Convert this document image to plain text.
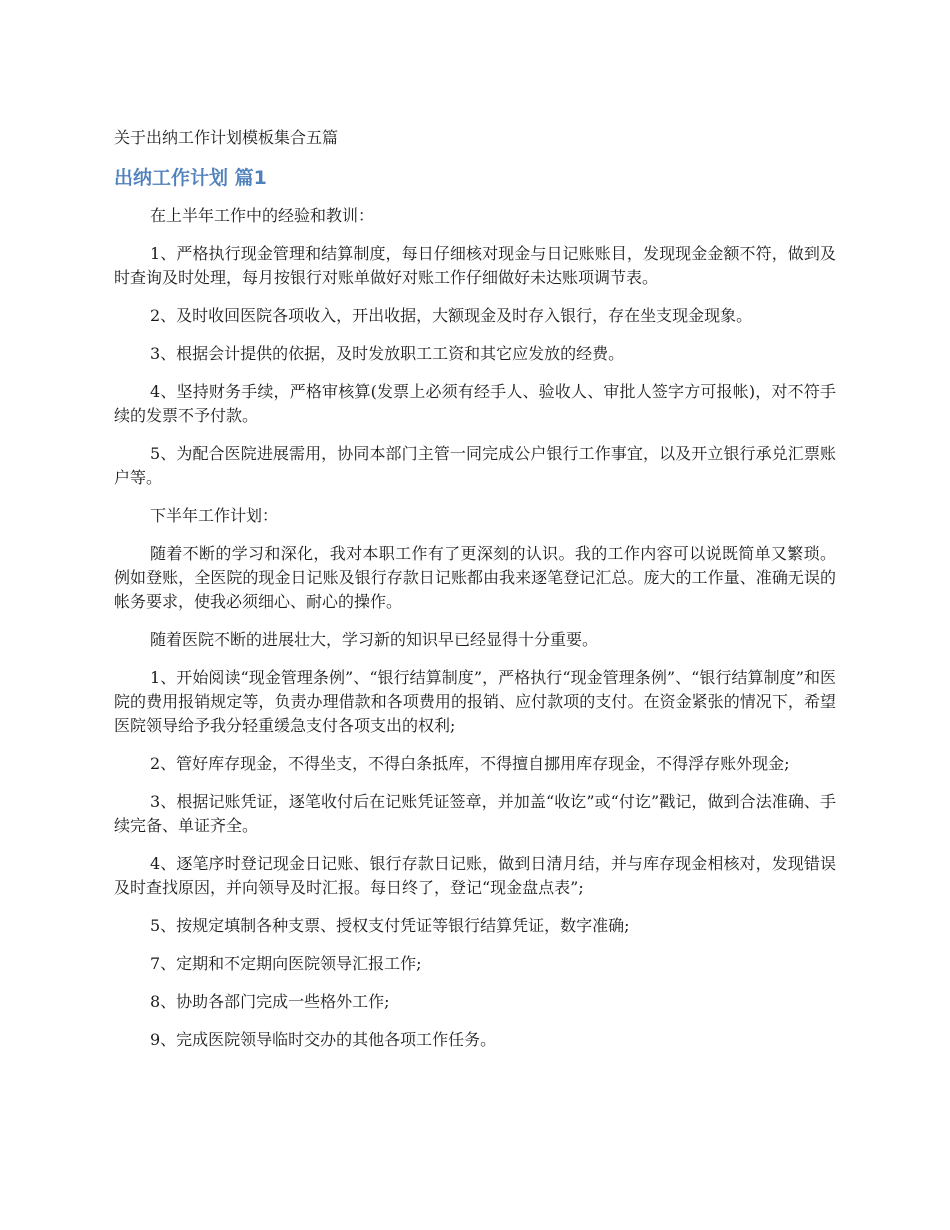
关于出纳工作计划模板集合五篇
出纳工作计划 篇1

在上半年工作中的经验和教训：

1、严格执行现金管理和结算制度，每日仔细核对现金与日记账账目，发现现金金额不符，做到及时查询及时处理，每月按银行对账单做好对账工作仔细做好未达账项调节表。

2、及时收回医院各项收入，开出收据，大额现金及时存入银行，存在坐支现金现象。

3、根据会计提供的依据，及时发放职工工资和其它应发放的经费。

4、坚持财务手续，严格审核算(发票上必须有经手人、验收人、审批人签字方可报帐)，对不符手续的发票不予付款。

5、为配合医院进展需用，协同本部门主管一同完成公户银行工作事宜，以及开立银行承兑汇票账户等。

下半年工作计划：

随着不断的学习和深化，我对本职工作有了更深刻的认识。我的工作内容可以说既简单又繁琐。例如登账，全医院的现金日记账及银行存款日记账都由我来逐笔登记汇总。庞大的工作量、准确无误的帐务要求，使我必须细心、耐心的操作。

随着医院不断的进展壮大，学习新的知识早已经显得十分重要。

1、开始阅读“现金管理条例”、“银行结算制度”，严格执行“现金管理条例”、“银行结算制度”和医院的费用报销规定等，负责办理借款和各项费用的报销、应付款项的支付。在资金紧张的情况下，希望医院领导给予我分轻重缓急支付各项支出的权利;

2、管好库存现金，不得坐支，不得白条抵库，不得擅自挪用库存现金，不得浮存账外现金;

3、根据记账凭证，逐笔收付后在记账凭证签章，并加盖“收讫”或“付讫”戳记，做到合法准确、手续完备、单证齐全。

4、逐笔序时登记现金日记账、银行存款日记账，做到日清月结，并与库存现金相核对，发现错误及时查找原因，并向领导及时汇报。每日终了，登记“现金盘点表”;

5、按规定填制各种支票、授权支付凭证等银行结算凭证，数字准确;

7、定期和不定期向医院领导汇报工作;

8、协助各部门完成一些格外工作;

9、完成医院领导临时交办的其他各项工作任务。
